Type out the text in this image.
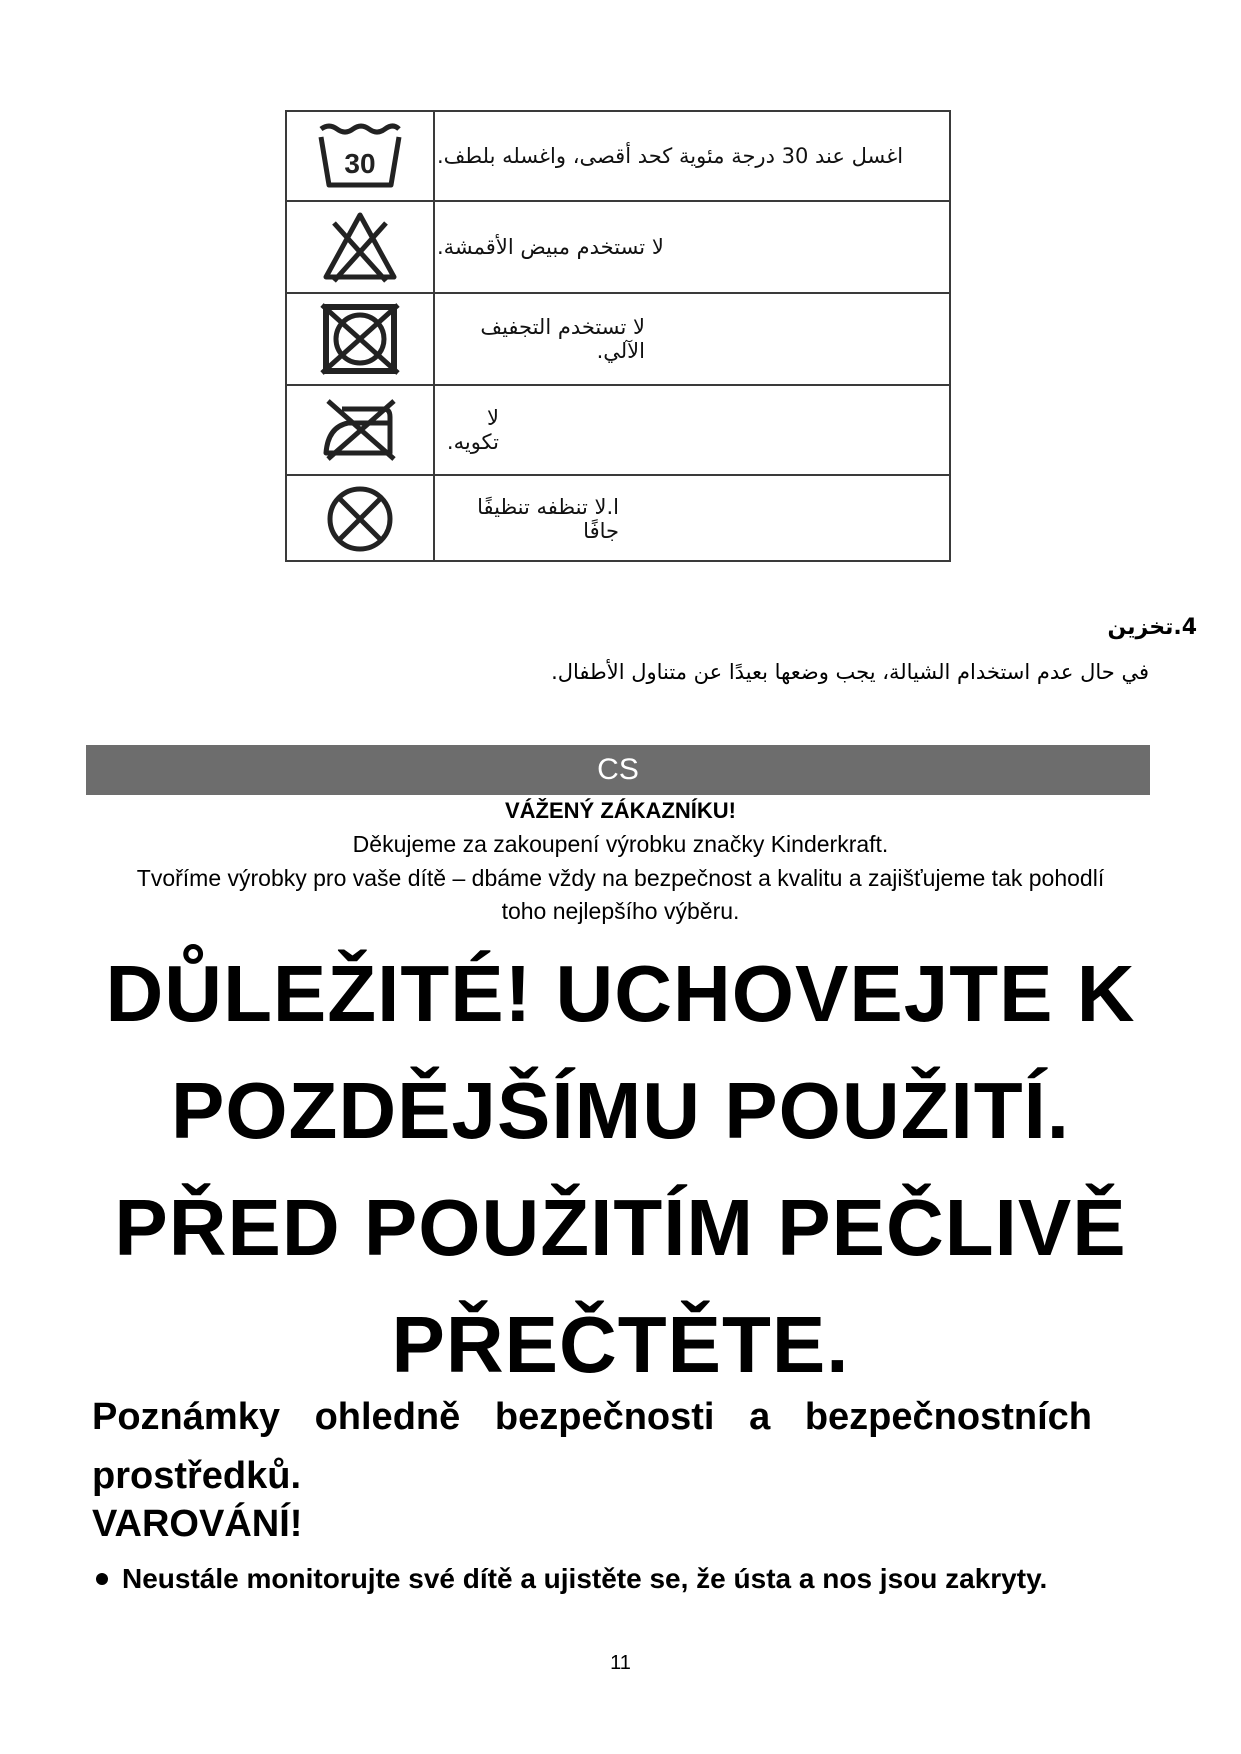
30	اغسل عند 30 درجة مئوية كحد أقصى، واغسله بلطف.
لا تستخدم مبيض الأقمشة.
لا تستخدم التجفيف الآلي.
لا تكويه.
ا.لا تنظفه تنظيفًا جافًا
4.تخزين
في حال عدم استخدام الشيالة، يجب وضعها بعيدًا عن متناول الأطفال.
CS
VÁŽENÝ ZÁKAZNÍKU!
Děkujeme za zakoupení výrobku značky Kinderkraft.
Tvoříme výrobky pro vaše dítě – dbáme vždy na bezpečnost a kvalitu a zajišťujeme tak pohodlí
toho nejlepšího výběru.
DŮLEŽITÉ! UCHOVEJTE K
POZDĚJŠÍMU POUŽITÍ.
PŘED POUŽITÍM PEČLIVĚ
PŘEČTĚTE.
Poznámky ohledně bezpečnosti a bezpečnostních prostředků.
VAROVÁNÍ!
Neustále monitorujte své dítě a ujistěte se, že ústa a nos jsou zakryty.
11
